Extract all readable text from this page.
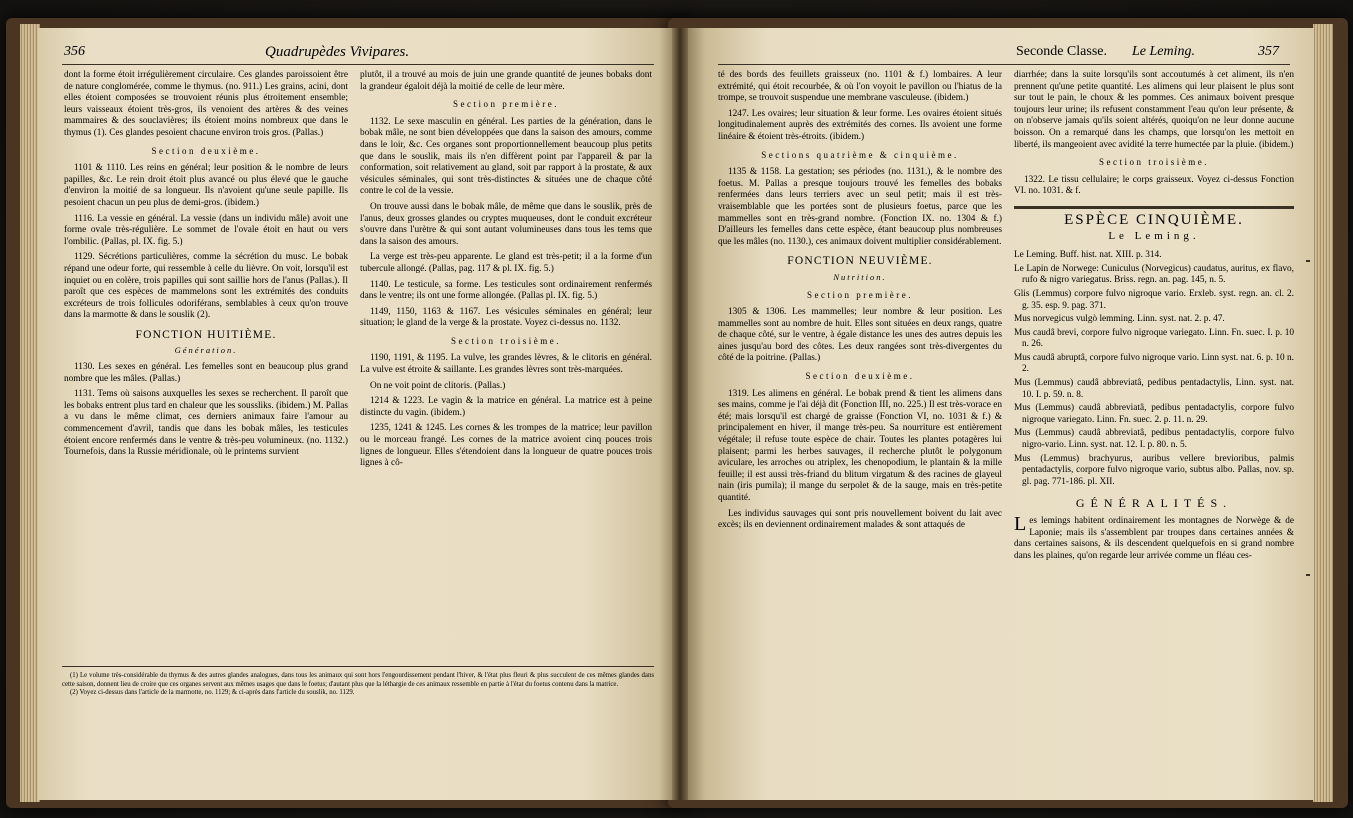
356	Quadrupèdes Vivipares.	Seconde Classe. Le Leming.	357

dont la forme étoit irrégulièrement circulaire. Ces glandes paroissoient être de nature conglomérée, comme le thymus. (no. 911.) Les grains, acini, dont elles étoient composées se trouvoient réunis plus étroitement ensemble; leurs vaisseaux étoient très-gros, ils venoient des artères & des veines mammaires & des souclavières; ils étoient moins nombreux que dans le thymus (1). Ces glandes pesoient chacune environ trois gros. (Pallas.)

Section deuxième.

1101 & 1110. Les reins en général; leur position & le nombre de leurs papilles, &c. Le rein droit étoit plus avancé ou plus élevé que le gauche d'environ la moitié de sa longueur. Ils n'avoient qu'une seule papille. Ils pesoient chacun un peu plus de demi-gros. (ibidem.)

1116. La vessie en général. La vessie (dans un individu mâle) avoit une forme ovale très-régulière. Le sommet de l'ovale étoit en haut ou vers l'ombilic. (Pallas, pl. IX. fig. 5.)

1129. Sécrétions particulières, comme la sécrétion du musc. Le bobak répand une odeur forte, qui ressemble à celle du lièvre. On voit, lorsqu'il est inquiet ou en colère, trois papilles qui sont saillie hors de l'anus (Pallas.). Il paroît que ces espèces de mammelons sont les extrémités des conduits excréteurs de trois follicules odoriférans, semblables à ceux qu'on trouve dans la marmotte & dans le souslik (2).

FONCTION HUITIÈME.

Génération.

1130. Les sexes en général. Les femelles sont en beaucoup plus grand nombre que les mâles. (Pallas.)

1131. Tems où saisons auxquelles les sexes se recherchent. Il paroît que les bobaks entrent plus tard en chaleur que les soussliks. (ibidem.) M. Pallas a vu dans le même climat, ces derniers animaux faire l'amour au commencement d'avril, tandis que dans les bobak mâles, les testicules étoient encore renfermés dans le ventre & très-peu volumineux. (no. 1132.) Tournefois, dans la Russie méridionale, où le printems survient

plutôt, il a trouvé au mois de juin une grande quantité de jeunes bobaks dont la grandeur égaloit déjà la moitié de celle de leur mère.

Section première.

1132. Le sexe masculin en général. Les parties de la génération, dans le bobak mâle, ne sont bien développées que dans la saison des amours, comme dans le loir, &c. Ces organes sont proportionnellement beaucoup plus petits que dans le souslik, mais ils n'en diffèrent point par l'appareil & par la conformation, soit relativement au gland, soit par rapport à la prostate, & aux vésicules séminales, qui sont très-distinctes & situées une de chaque côté contre le col de la vessie.

On trouve aussi dans le bobak mâle, de même que dans le souslik, près de l'anus, deux grosses glandes ou cryptes muqueuses, dont le conduit excréteur s'ouvre dans l'urètre & qui sont autant volumineuses dans tous les tems que dans la saison des amours.

La verge est très-peu apparente. Le gland est très-petit; il a la forme d'un tubercule allongé. (Pallas, pag. 117 & pl. IX. fig. 5.)

1140. Le testicule, sa forme. Les testicules sont ordinairement renfermés dans le ventre; ils ont une forme allongée. (Pallas pl. IX. fig. 5.)

1149, 1150, 1163 & 1167. Les vésicules séminales en général; leur situation; le gland de la verge & la prostate. Voyez ci-dessus no. 1132.

Section troisième.

1190, 1191, & 1195. La vulve, les grandes lèvres, & le clitoris en général. La vulve est étroite & saillante. Les grandes lèvres sont très-marquées.

On ne voit point de clitoris. (Pallas.)

1214 & 1223. Le vagin & la matrice en général. La matrice est à peine distincte du vagin. (ibidem.)

1235, 1241 & 1245. Les cornes & les trompes de la matrice; leur pavillon ou le morceau frangé. Les cornes de la matrice avoient cinq pouces trois lignes de longueur. Elles s'étendoient dans la longueur de quatre pouces trois lignes à cô-

(1) Le volume très-considérable du thymus & des autres glandes analogues, dans tous les animaux qui sont hors l'engourdissement pendant l'hiver, & l'état plus fleuri & plus succulent de ces mêmes glandes dans cette saison, donnent lieu de croire que ces organes servent aux mêmes usages que dans le foetus; d'autant plus que la léthargie de ces animaux ressemble en partie à l'état du foetus contenu dans la matrice.

(2) Voyez ci-dessus dans l'article de la marmotte, no. 1129; & ci-après dans l'article du souslik, no. 1129.

té des bords des feuillets graisseux (no. 1101 & f.) lombaires. A leur extrémité, qui étoit recourbée, & où l'on voyoit le pavillon ou l'hiatus de la trompe, se trouvoit suspendue une membrane vasculeuse. (ibidem.)

1247. Les ovaires; leur situation & leur forme. Les ovaires étoient situés longitudinalement auprès des extrémités des cornes. Ils avoient une forme linéaire & étoient très-étroits. (ibidem.)

Sections quatrième & cinquième.

1135 & 1158. La gestation; ses périodes (no. 1131.), & le nombre des foetus. M. Pallas a presque toujours trouvé les femelles des bobaks renfermées dans leurs terriers avec un seul petit; mais il est très-vraisemblable que les portées sont de plusieurs foetus, parce que les mammelles sont en très-grand nombre. (Fonction IX. no. 1304 & f.) D'ailleurs les femelles dans cette espèce, étant beaucoup plus nombreuses que les mâles (no. 1130.), ces animaux doivent multiplier considérablement.

FONCTION NEUVIÈME.

Nutrition.

Section première.

1305 & 1306. Les mammelles; leur nombre & leur position. Les mammelles sont au nombre de huit. Elles sont situées en deux rangs, quatre de chaque côté, sur le ventre, à égale distance les unes des autres depuis les aines jusqu'au bord des côtes. Les deux rangées sont très-divergentes du côté de la poitrine. (Pallas.)

Section deuxième.

1319. Les alimens en général. Le bobak prend & tient les alimens dans ses mains, comme je l'ai déjà dit (Fonction III, no. 225.) Il est très-vorace en été; mais lorsqu'il est chargé de graisse (Fonction VI, no. 1031 & f.) & principalement en hiver, il mange très-peu. Sa nourriture est entièrement végétale; il refuse toute espèce de chair. Toutes les plantes potagères lui plaisent; parmi les herbes sauvages, il recherche plutôt le polygonum aviculare, les arroches ou atriplex, les chenopodium, le plantain & la mille feuille; il est aussi très-friand du blitum virgatum & des racines de glayeul nain (iris pumila); il mange du serpolet & de la sauge, mais en très-petite quantité.

Les individus sauvages qui sont pris nouvellement boivent du lait avec excès; ils en deviennent ordinairement malades & sont attaqués de

diarrhée; dans la suite lorsqu'ils sont accoutumés à cet aliment, ils n'en prennent qu'une petite quantité. Les alimens qui leur plaisent le plus sont sur tout le pain, le choux & les pommes. Ces animaux boivent presque toujours leur urine; ils refusent constamment l'eau qu'on leur présente, & on n'observe jamais qu'ils soient altérés, quoiqu'on ne leur donne aucune boisson. On a remarqué dans les champs, que lorsqu'on les mettoit en liberté, ils mangeoient avec avidité la terre humectée par la pluie. (ibidem.)

Section troisième.

1322. Le tissu cellulaire; le corps graisseux. Voyez ci-dessus Fonction VI. no. 1031. & f.

ESPÈCE CINQUIÈME.

Le Leming.

Le Leming. Buff. hist. nat. XIII. p. 314.

Le Lapin de Norwege: Cuniculus (Norvegicus) caudatus, auritus, ex flavo, rufo & nigro variegatus. Briss. regn. an. pag. 145, n. 5.

Glis (Lemmus) corpore fulvo nigroque vario. Erxleb. syst. regn. an. cl. 2. g. 35. esp. 9. pag. 371.

Mus norvegicus vulgò lemming. Linn. syst. nat. 2. p. 47.

Mus caudâ brevi, corpore fulvo nigroque variegato. Linn. Fn. suec. I. p. 10 n. 26.

Mus caudâ abruptâ, corpore fulvo nigroque vario. Linn syst. nat. 6. p. 10 n. 2.

Mus (Lemmus) caudâ abbreviatâ, pedibus pentadactylis, Linn. syst. nat. 10. I. p. 59. n. 8.

Mus (Lemmus) caudâ abbreviatâ, pedibus pentadactylis, corpore fulvo nigroque variegato. Linn. Fn. suec. 2. p. 11. n. 29.

Mus (Lemmus) caudâ abbreviatâ, pedibus pentadactylis, corpore fulvo nigro-vario. Linn. syst. nat. 12. I. p. 80. n. 5.

Mus (Lemmus) brachyurus, auribus vellere brevioribus, palmis pentadactylis, corpore fulvo nigroque vario, subtus albo. Pallas, nov. sp. gl. pag. 771-186. pl. XII.

GÉNÉRALITÉS.

Les lemings habitent ordinairement les montagnes de Norwège & de Laponie; mais ils s'assemblent par troupes dans certaines années & dans certaines saisons, & ils descendent quelquefois en si grand nombre dans les plaines, qu'on regarde leur arrivée comme un fléau ces-
